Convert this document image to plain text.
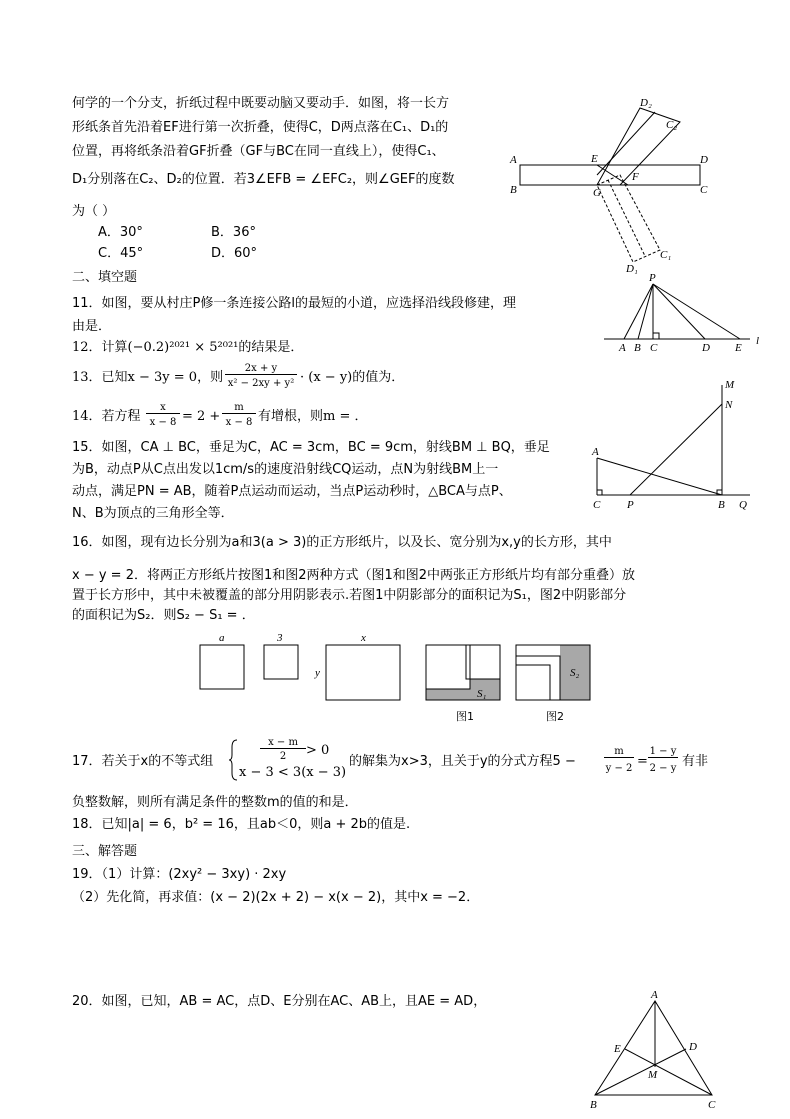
何学的一个分支，折纸过程中既要动脑又要动手．如图，将一长方
形纸条首先沿着EF进行第一次折叠，使得C，D两点落在C₁、D₁的
位置，再将纸条沿着GF折叠（GF与BC在同一直线上），使得C₁、
D₁分别落在C₂、D₂的位置．若3∠EFB = ∠EFC₂，则∠GEF的度数
为（ ）
A．30°	B．36°
C．45°	D．60°
A
B
D
C
E
F
G
D₂
C₂
C₁
D₁
二、填空题
11．如图，要从村庄P修一条连接公路l的最短的小道，应选择沿线段修建，理
由是．
P
A B C	D E
l
12．计算(−0.2)²⁰²¹ × 5²⁰²¹的结果是．
13．已知x − 3y = 0，则
2x + y
x² − 2xy + y² · (x − y)的值为．
14．若方程
x
x − 8 = 2 +
m
x − 8 有增根，则m = ．
15．如图，CA ⊥ BC，垂足为C，AC = 3cm，BC = 9cm，射线BM ⊥ BQ，垂足
为B，动点P从C点出发以1cm/s的速度沿射线CQ运动，点N为射线BM上一
动点，满足PN = AB，随着P点运动而运动，当点P运动秒时，△BCA与点P、
N、B为顶点的三角形全等．
M
N
A
C P	B Q
16．如图，现有边长分别为a和3(a > 3)的正方形纸片，以及长、宽分别为x,y的长方形，其中
x − y = 2．将两正方形纸片按图1和图2两种方式（图1和图2中两张正方形纸片均有部分重叠）放
置于长方形中，其中未被覆盖的部分用阴影表示.若图1中阴影部分的面积记为S₁，图2中阴影部分
的面积记为S₂．则S₂ − S₁ = ．
a	3	x
y
S₁
S₂
图1	图2
17．若关于x的不等式组
x − m
2	> 0
x − 3 < 3(x − 3)
的解集为x>3，且关于y的分式方程5 −
m
y − 2 =
1 − y
2 − y 有非
负整数解，则所有满足条件的整数m的值的和是．
18．已知|a| = 6，b² = 16，且ab＜0，则a + 2b的值是.
三、解答题
19．（1）计算：(2xy² − 3xy) · 2xy
（2）先化简，再求值：(x − 2)(2x + 2) − x(x − 2)，其中x = −2．
20．如图，已知，AB = AC，点D、E分别在AC、AB上，且AE = AD，	A
E	D
M
B	C
